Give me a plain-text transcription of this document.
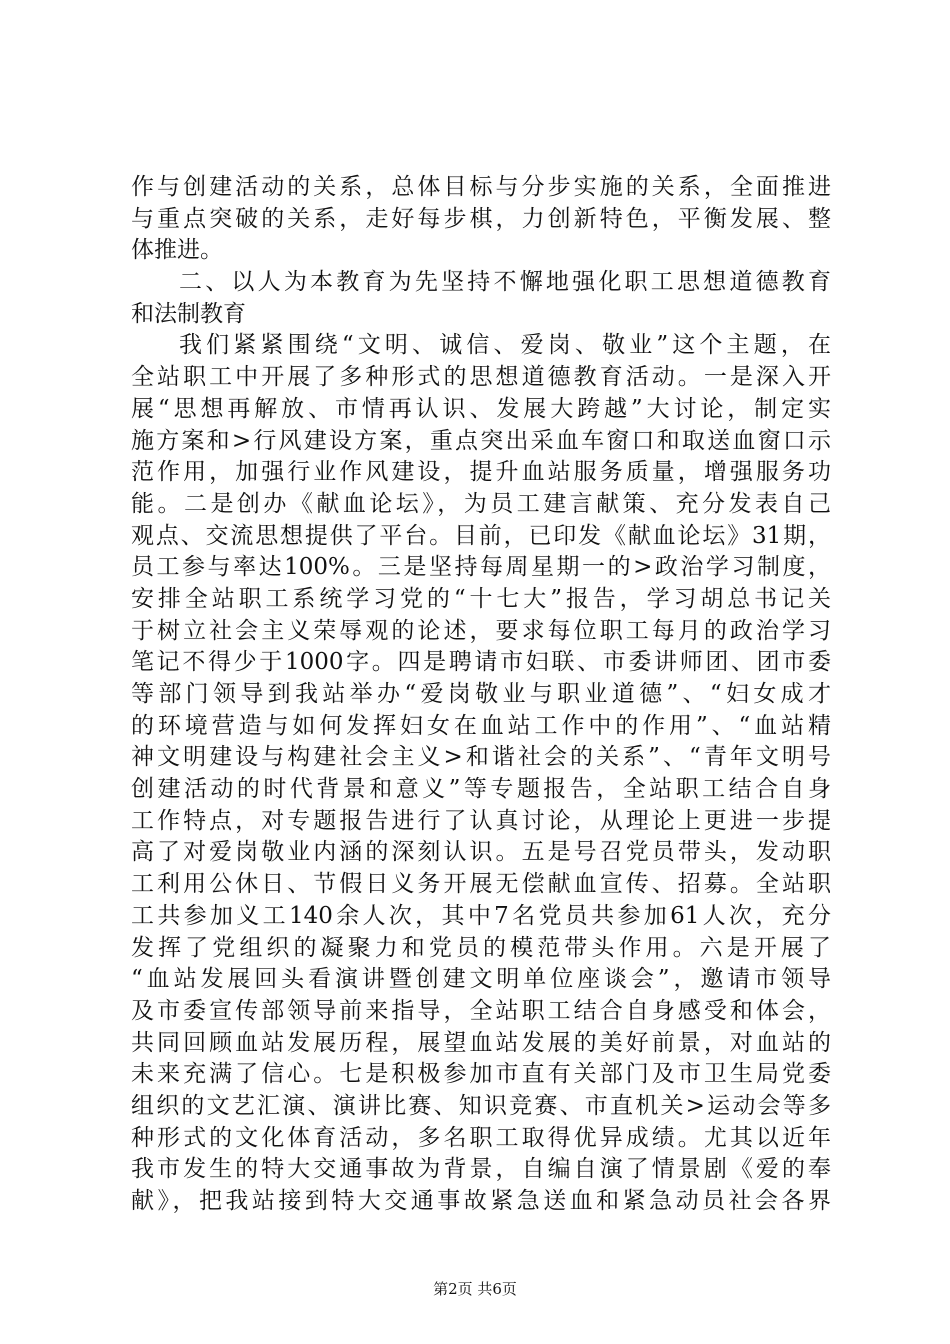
作与创建活动的关系，总体目标与分步实施的关系，全面推进
与重点突破的关系，走好每步棋，力创新特色，平衡发展、整
体推进。
二、以人为本教育为先坚持不懈地强化职工思想道德教育
和法制教育
我们紧紧围绕“文明、诚信、爱岗、敬业”这个主题，在
全站职工中开展了多种形式的思想道德教育活动。一是深入开
展“思想再解放、市情再认识、发展大跨越”大讨论，制定实
施方案和>行风建设方案，重点突出采血车窗口和取送血窗口示
范作用，加强行业作风建设，提升血站服务质量，增强服务功
能。二是创办《献血论坛》，为员工建言献策、充分发表自己
观点、交流思想提供了平台。目前，已印发《献血论坛》31期，
员工参与率达100%。三是坚持每周星期一的>政治学习制度，
安排全站职工系统学习党的“十七大”报告，学习胡总书记关
于树立社会主义荣辱观的论述，要求每位职工每月的政治学习
笔记不得少于1000字。四是聘请市妇联、市委讲师团、团市委
等部门领导到我站举办“爱岗敬业与职业道德”、“妇女成才
的环境营造与如何发挥妇女在血站工作中的作用”、“血站精
神文明建设与构建社会主义>和谐社会的关系”、“青年文明号
创建活动的时代背景和意义”等专题报告，全站职工结合自身
工作特点，对专题报告进行了认真讨论，从理论上更进一步提
高了对爱岗敬业内涵的深刻认识。五是号召党员带头，发动职
工利用公休日、节假日义务开展无偿献血宣传、招募。全站职
工共参加义工140余人次，其中7名党员共参加61人次，充分
发挥了党组织的凝聚力和党员的模范带头作用。六是开展了
“血站发展回头看演讲暨创建文明单位座谈会”，邀请市领导
及市委宣传部领导前来指导，全站职工结合自身感受和体会，
共同回顾血站发展历程，展望血站发展的美好前景，对血站的
未来充满了信心。七是积极参加市直有关部门及市卫生局党委
组织的文艺汇演、演讲比赛、知识竞赛、市直机关>运动会等多
种形式的文化体育活动，多名职工取得优异成绩。尤其以近年
我市发生的特大交通事故为背景，自编自演了情景剧《爱的奉
献》，把我站接到特大交通事故紧急送血和紧急动员社会各界
第2页 共6页
